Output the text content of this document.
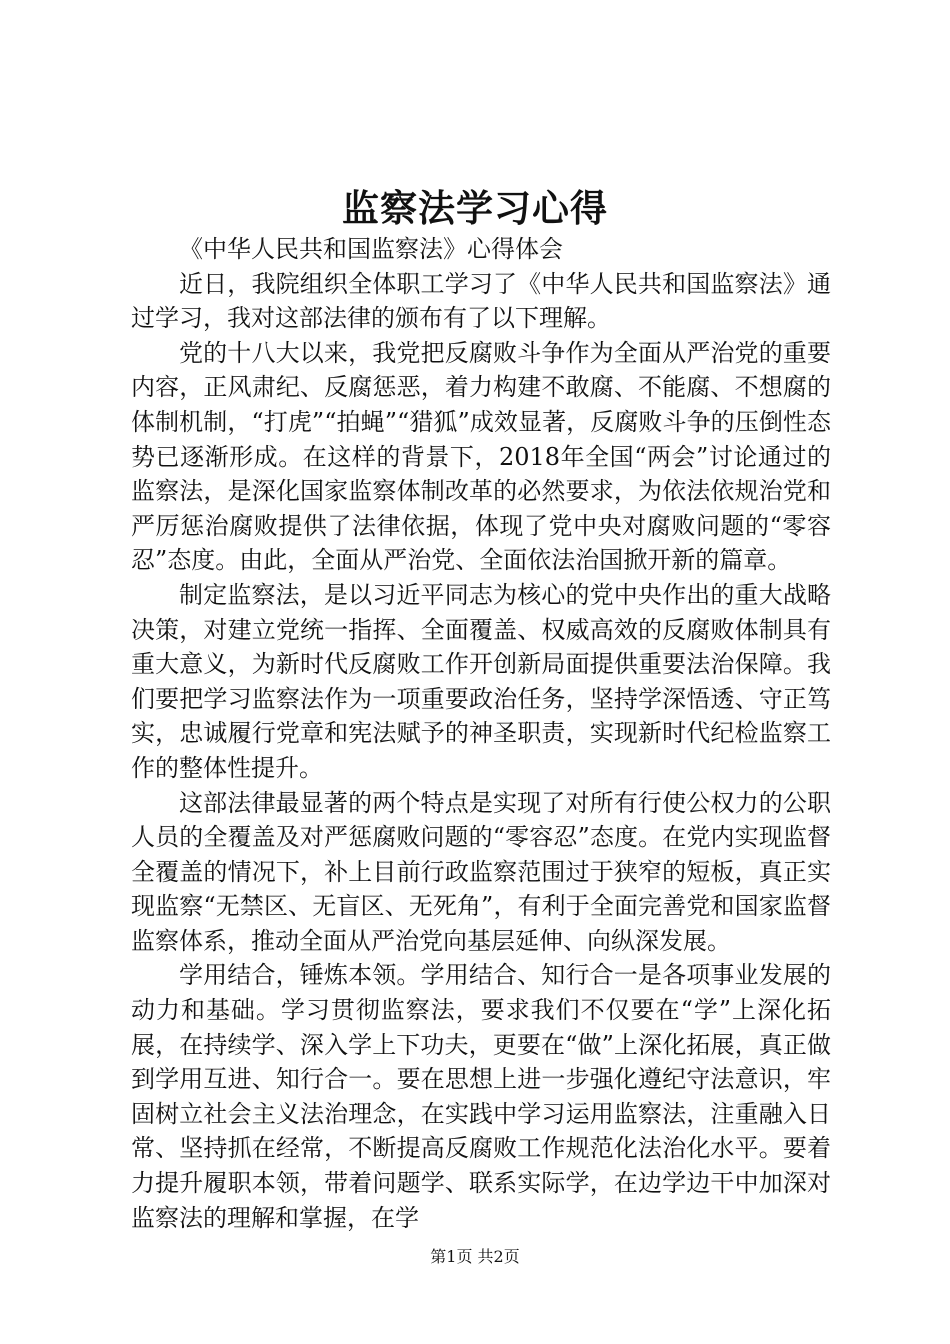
监察法学习心得

《中华人民共和国监察法》心得体会

近日，我院组织全体职工学习了《中华人民共和国监察法》通过学习，我对这部法律的颁布有了以下理解。

党的十八大以来，我党把反腐败斗争作为全面从严治党的重要内容，正风肃纪、反腐惩恶，着力构建不敢腐、不能腐、不想腐的体制机制，“打虎”“拍蝇”“猎狐”成效显著，反腐败斗争的压倒性态势已逐渐形成。在这样的背景下，2018年全国“两会”讨论通过的监察法，是深化国家监察体制改革的必然要求，为依法依规治党和严厉惩治腐败提供了法律依据，体现了党中央对腐败问题的“零容忍”态度。由此，全面从严治党、全面依法治国掀开新的篇章。

制定监察法，是以习近平同志为核心的党中央作出的重大战略决策，对建立党统一指挥、全面覆盖、权威高效的反腐败体制具有重大意义，为新时代反腐败工作开创新局面提供重要法治保障。我们要把学习监察法作为一项重要政治任务，坚持学深悟透、守正笃实，忠诚履行党章和宪法赋予的神圣职责，实现新时代纪检监察工作的整体性提升。

这部法律最显著的两个特点是实现了对所有行使公权力的公职人员的全覆盖及对严惩腐败问题的“零容忍”态度。在党内实现监督全覆盖的情况下，补上目前行政监察范围过于狭窄的短板，真正实现监察“无禁区、无盲区、无死角”，有利于全面完善党和国家监督监察体系，推动全面从严治党向基层延伸、向纵深发展。

学用结合，锤炼本领。学用结合、知行合一是各项事业发展的动力和基础。学习贯彻监察法，要求我们不仅要在“学”上深化拓展，在持续学、深入学上下功夫，更要在“做”上深化拓展，真正做到学用互进、知行合一。要在思想上进一步强化遵纪守法意识，牢固树立社会主义法治理念，在实践中学习运用监察法，注重融入日常、坚持抓在经常，不断提高反腐败工作规范化法治化水平。要着力提升履职本领，带着问题学、联系实际学，在边学边干中加深对监察法的理解和掌握，在学

第1页 共2页
